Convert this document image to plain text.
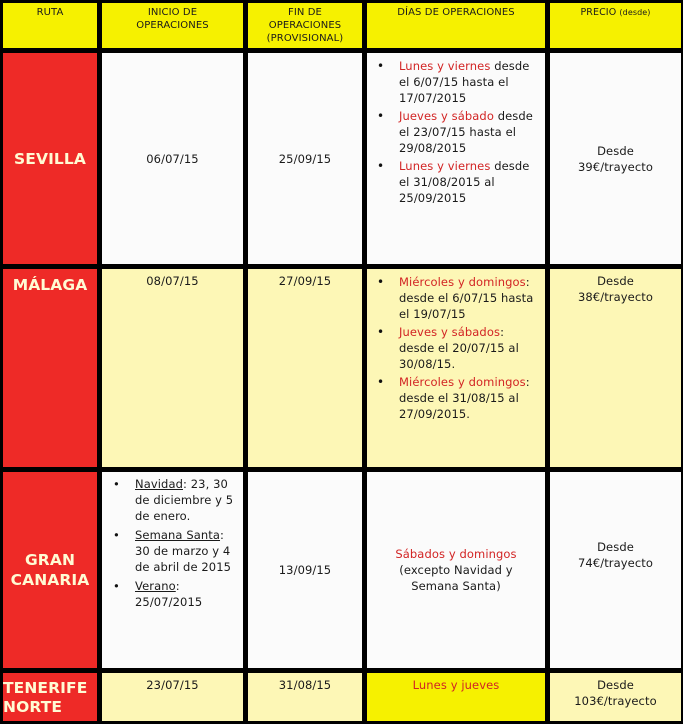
RUTA	INICIO DE OPERACIONES
FIN DE OPERACIONES (PROVISIONAL)
DÍAS DE OPERACIONES	PRECIO (desde)
SEVILLA	06/07/15	25/09/15
• Lunes y viernes desde el 6/07/15 hasta el 17/07/2015
• Jueves y sábado desde el 23/07/15 hasta el 29/08/2015
• Lunes y viernes desde el 31/08/2015 al 25/09/2015
Desde
39€/trayecto
MÁLAGA	08/07/15	27/09/15
•	Miércoles y domingos: desde el 6/07/15 hasta el 19/07/15
• Jueves y sábados: desde el 20/07/15 al 30/08/15.
• Miércoles y domingos: desde el 31/08/15 al 27/09/2015.
Desde
38€/trayecto
GRAN
CANARIA
• Navidad: 23, 30 de diciembre y 5 de enero.
• Semana Santa: 30 de marzo y 4 de abril de 2015
• Verano: 25/07/2015
13/09/15
Sábados y domingos
(excepto Navidad y Semana Santa)
Desde
74€/trayecto
TENERIFE
NORTE
23/07/15	31/08/15	Lunes y jueves	Desde
103€/trayecto
